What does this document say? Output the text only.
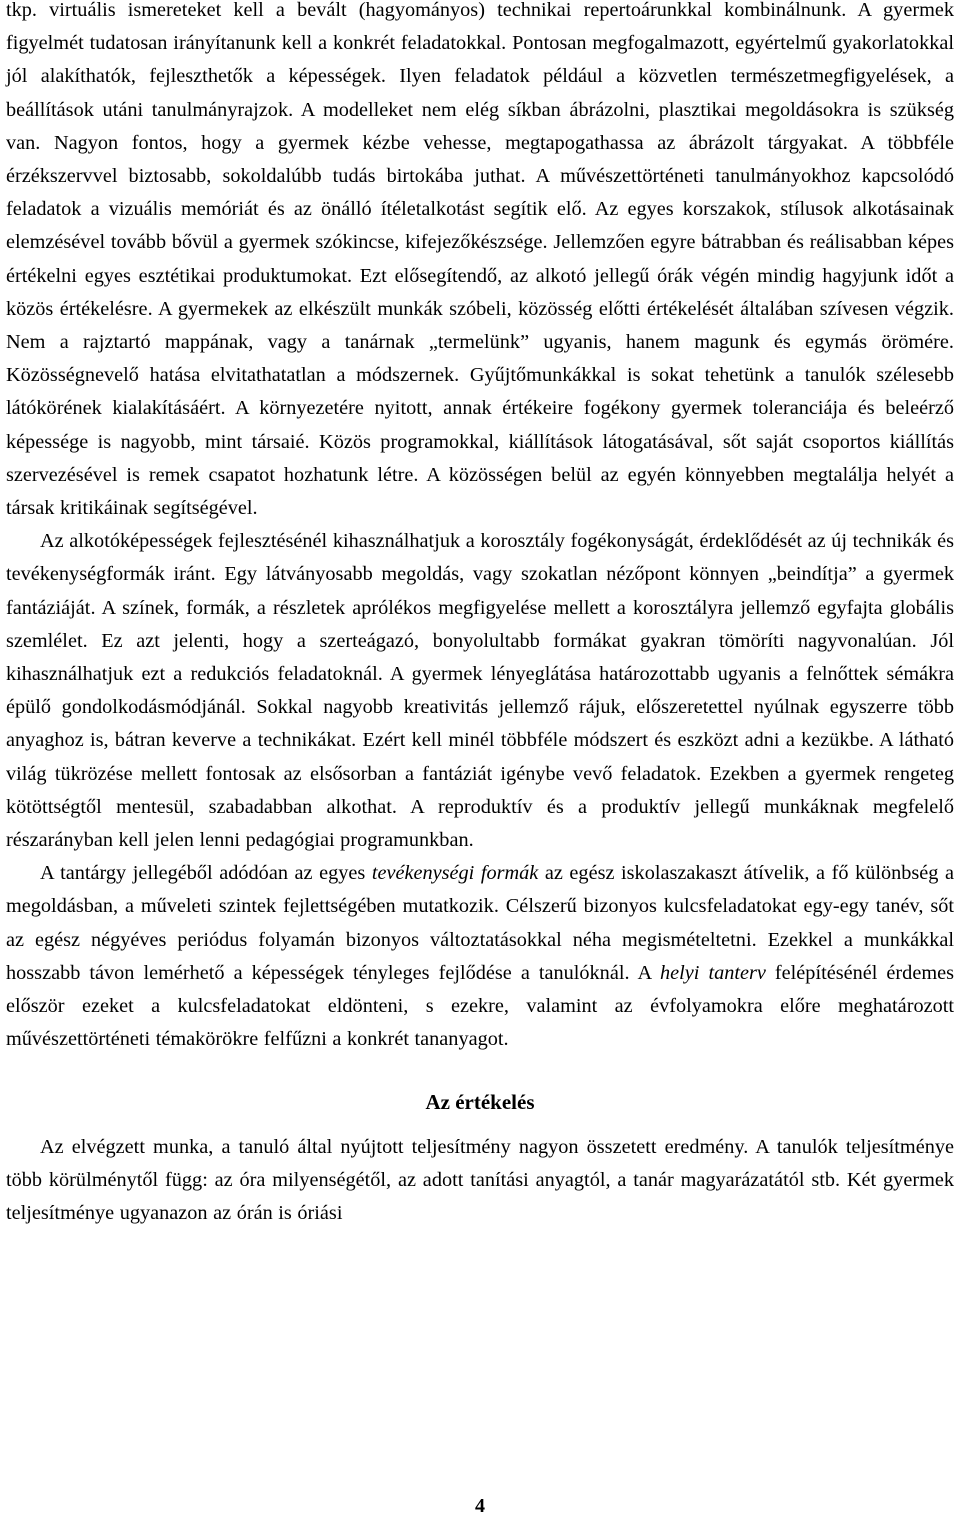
tkp. virtuális ismereteket kell a bevált (hagyományos) technikai repertoárunkkal kombinálnunk. A gyermek figyelmét tudatosan irányítanunk kell a konkrét feladatokkal. Pontosan megfogalmazott, egyértelmű gyakorlatokkal jól alakíthatók, fejleszthetők a képességek. Ilyen feladatok például a közvetlen természetmegfigyelések, a beállítások utáni tanulmányrajzok. A modelleket nem elég síkban ábrázolni, plasztikai megoldásokra is szükség van. Nagyon fontos, hogy a gyermek kézbe vehesse, megtapogathassa az ábrázolt tárgyakat. A többféle érzékszervvel biztosabb, sokoldalúbb tudás birtokába juthat. A művészettörténeti tanulmányokhoz kapcsolódó feladatok a vizuális memóriát és az önálló ítéletalkotást segítik elő. Az egyes korszakok, stílusok alkotásainak elemzésével tovább bővül a gyermek szókincse, kifejezőkészsége. Jellemzően egyre bátrabban és reálisabban képes értékelni egyes esztétikai produktumokat. Ezt elősegítendő, az alkotó jellegű órák végén mindig hagyjunk időt a közös értékelésre. A gyermekek az elkészült munkák szóbeli, közösség előtti értékelését általában szívesen végzik. Nem a rajztartó mappának, vagy a tanárnak „termelünk” ugyanis, hanem magunk és egymás örömére. Közösségnevelő hatása elvitathatatlan a módszernek. Gyűjtőmunkákkal is sokat tehetünk a tanulók szélesebb látókörének kialakításáért. A környezetére nyitott, annak értékeire fogékony gyermek toleranciája és beleérző képessége is nagyobb, mint társaié. Közös programokkal, kiállítások látogatásával, sőt saját csoportos kiállítás szervezésével is remek csapatot hozhatunk létre. A közösségen belül az egyén könnyebben megtalálja helyét a társak kritikáinak segítségével.

Az alkotóképességek fejlesztésénél kihasználhatjuk a korosztály fogékonyságát, érdeklődését az új technikák és tevékenységformák iránt. Egy látványosabb megoldás, vagy szokatlan nézőpont könnyen „beindítja” a gyermek fantáziáját. A színek, formák, a részletek aprólékos megfigyelése mellett a korosztályra jellemző egyfajta globális szemlélet. Ez azt jelenti, hogy a szerteágazó, bonyolultabb formákat gyakran tömöríti nagyvonalúan. Jól kihasználhatjuk ezt a redukciós feladatoknál. A gyermek lényeglátása határozottabb ugyanis a felnőttek sémákra épülő gondolkodásmódjánál. Sokkal nagyobb kreativitás jellemző rájuk, előszeretettel nyúlnak egyszerre több anyaghoz is, bátran keverve a technikákat. Ezért kell minél többféle módszert és eszközt adni a kezükbe. A látható világ tükrözése mellett fontosak az elsősorban a fantáziát igénybe vevő feladatok. Ezekben a gyermek rengeteg kötöttségtől mentesül, szabadabban alkothat. A reproduktív és a produktív jellegű munkáknak megfelelő részarányban kell jelen lenni pedagógiai programunkban.

A tantárgy jellegéből adódóan az egyes tevékenységi formák az egész iskolaszakaszt átívelik, a fő különbség a megoldásban, a műveleti szintek fejlettségében mutatkozik. Célszerű bizonyos kulcsfeladatokat egy-egy tanév, sőt az egész négyéves periódus folyamán bizonyos változtatásokkal néha megismételtetni. Ezekkel a munkákkal hosszabb távon lemérhető a képességek tényleges fejlődése a tanulóknál. A helyi tanterv felépítésénél érdemes először ezeket a kulcsfeladatokat eldönteni, s ezekre, valamint az évfolyamokra előre meghatározott művészettörténeti témakörökre felfűzni a konkrét tananyagot.

Az értékelés

Az elvégzett munka, a tanuló által nyújtott teljesítmény nagyon összetett eredmény. A tanulók teljesítménye több körülménytől függ: az óra milyenségétől, az adott tanítási anyagtól, a tanár magyarázatától stb. Két gyermek teljesítménye ugyanazon az órán is óriási

4
